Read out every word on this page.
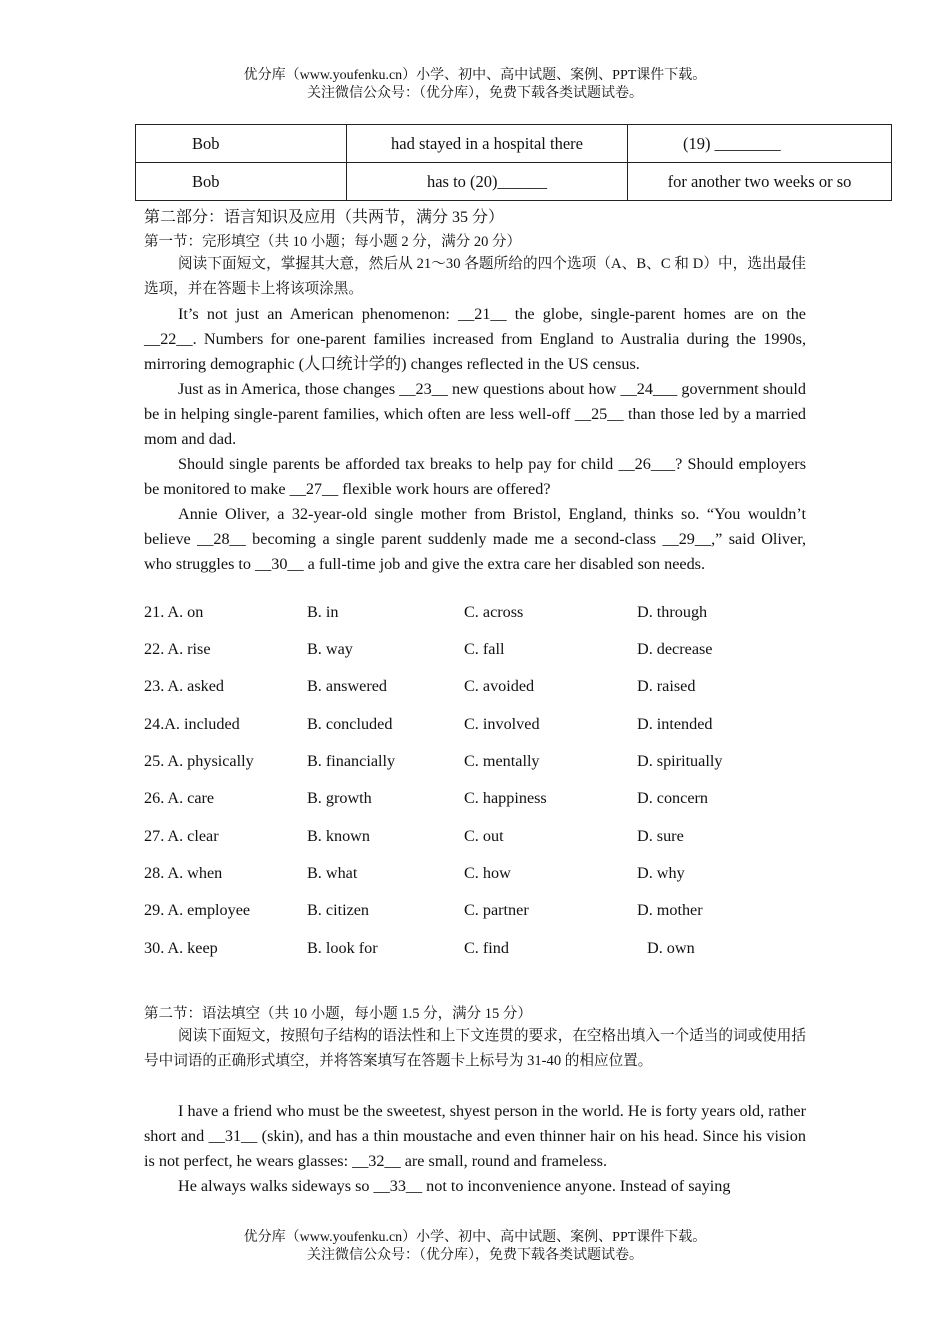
优分库（www.youfenku.cn）小学、初中、高中试题、案例、PPT课件下载。
关注微信公众号：（优分库），免费下载各类试题试卷。
Bob	had stayed in a hospital there	(19) ________
Bob	has to (20)______	for another two weeks or so
第二部分：语言知识及应用（共两节，满分 35 分）
第一节：完形填空（共 10 小题；每小题 2 分，满分 20 分）
阅读下面短文，掌握其大意，然后从 21～30 各题所给的四个选项（A、B、C 和 D）中，选出最佳选项，并在答题卡上将该项涂黑。

It’s not just an American phenomenon: __21__ the globe, single-parent homes are on the __22__. Numbers for one-parent families increased from England to Australia during the 1990s, mirroring demographic (人口统计学的) changes reflected in the US census.

Just as in America, those changes __23__ new questions about how __24___ government should be in helping single-parent families, which often are less well-off __25__ than those led by a married mom and dad.

Should single parents be afforded tax breaks to help pay for child __26___? Should employers be monitored to make __27__ flexible work hours are offered?

Annie Oliver, a 32-year-old single mother from Bristol, England, thinks so. “You wouldn’t believe __28__ becoming a single parent suddenly made me a second-class __29__,” said Oliver, who struggles to __30__ a full-time job and give the extra care her disabled son needs.

21. A. on	B. in	C. across	D. through
22. A. rise	B. way	C. fall	D. decrease
23. A. asked	B. answered	C. avoided	D. raised
24.A. included	B. concluded	C. involved	D. intended
25. A. physically	B. financially	C. mentally	D. spiritually
26. A. care	B. growth	C. happiness	D. concern
27. A. clear	B. known	C. out	D. sure
28. A. when	B. what	C. how	D. why
29. A. employee	B. citizen	C. partner	D. mother
30. A. keep	B. look for	C. find	D. own
第二节：语法填空（共 10 小题，每小题 1.5 分，满分 15 分）
阅读下面短文，按照句子结构的语法性和上下文连贯的要求，在空格出填入一个适当的词或使用括号中词语的正确形式填空，并将答案填写在答题卡上标号为 31-40 的相应位置。

I have a friend who must be the sweetest, shyest person in the world. He is forty years old, rather short and __31__ (skin), and has a thin moustache and even thinner hair on his head. Since his vision is not perfect, he wears glasses: __32__ are small, round and frameless.

He always walks sideways so __33__ not to inconvenience anyone. Instead of saying

优分库（www.youfenku.cn）小学、初中、高中试题、案例、PPT课件下载。
关注微信公众号：（优分库），免费下载各类试题试卷。
